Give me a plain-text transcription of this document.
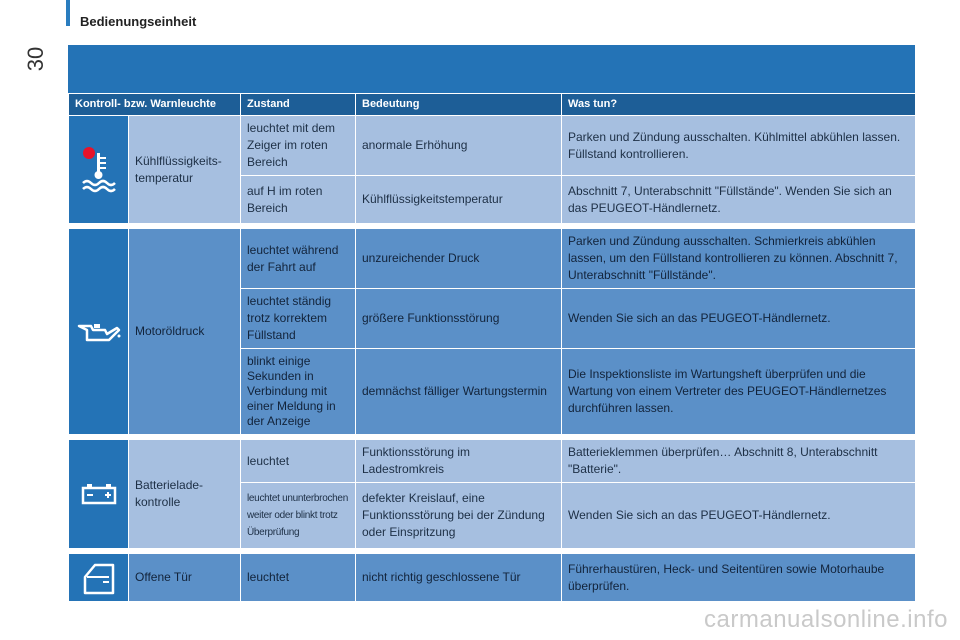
30
Bedienungseinheit
Kontroll- bzw. Warnleuchte		Zustand	Bedeutung	Was tun?

	Kühlflüssigkeits-
temperatur	leuchtet mit dem Zeiger im roten Bereich	anormale Erhöhung	Parken und Zündung ausschalten. Kühlmittel abkühlen lassen. Füllstand kontrollieren.
		auf H im roten Bereich	Kühlflüssigkeitstemperatur	Abschnitt 7, Unterabschnitt "Füllstände". Wenden Sie sich an das PEUGEOT-Händlernetz.

	Motoröldruck	leuchtet während der Fahrt auf	unzureichender Druck	Parken und Zündung ausschalten. Schmierkreis abkühlen lassen, um den Füllstand kontrollieren zu können. Abschnitt 7, Unterabschnitt "Füllstände".
		leuchtet ständig trotz korrektem Füllstand	größere Funktionsstörung	Wenden Sie sich an das PEUGEOT-Händlernetz.
		blinkt einige Sekunden in Verbindung mit einer Meldung in der Anzeige	demnächst fälliger Wartungstermin	Die Inspektionsliste im Wartungsheft überprüfen und die Wartung von einem Vertreter des PEUGEOT-Händlernetzes durchführen lassen.

	Batterielade-
kontrolle	leuchtet	Funktionsstörung im Ladestromkreis	Batterieklemmen überprüfen… Abschnitt 8, Unterabschnitt "Batterie".
		leuchtet ununterbrochen weiter oder blinkt trotz Überprüfung	defekter Kreislauf, eine Funktionsstörung bei der Zündung oder Einspritzung	Wenden Sie sich an das PEUGEOT-Händlernetz.

	Offene Tür	leuchtet	nicht richtig geschlossene Tür	Führerhaustüren, Heck- und Seitentüren sowie Motorhaube überprüfen.
carmanualsonline.info
